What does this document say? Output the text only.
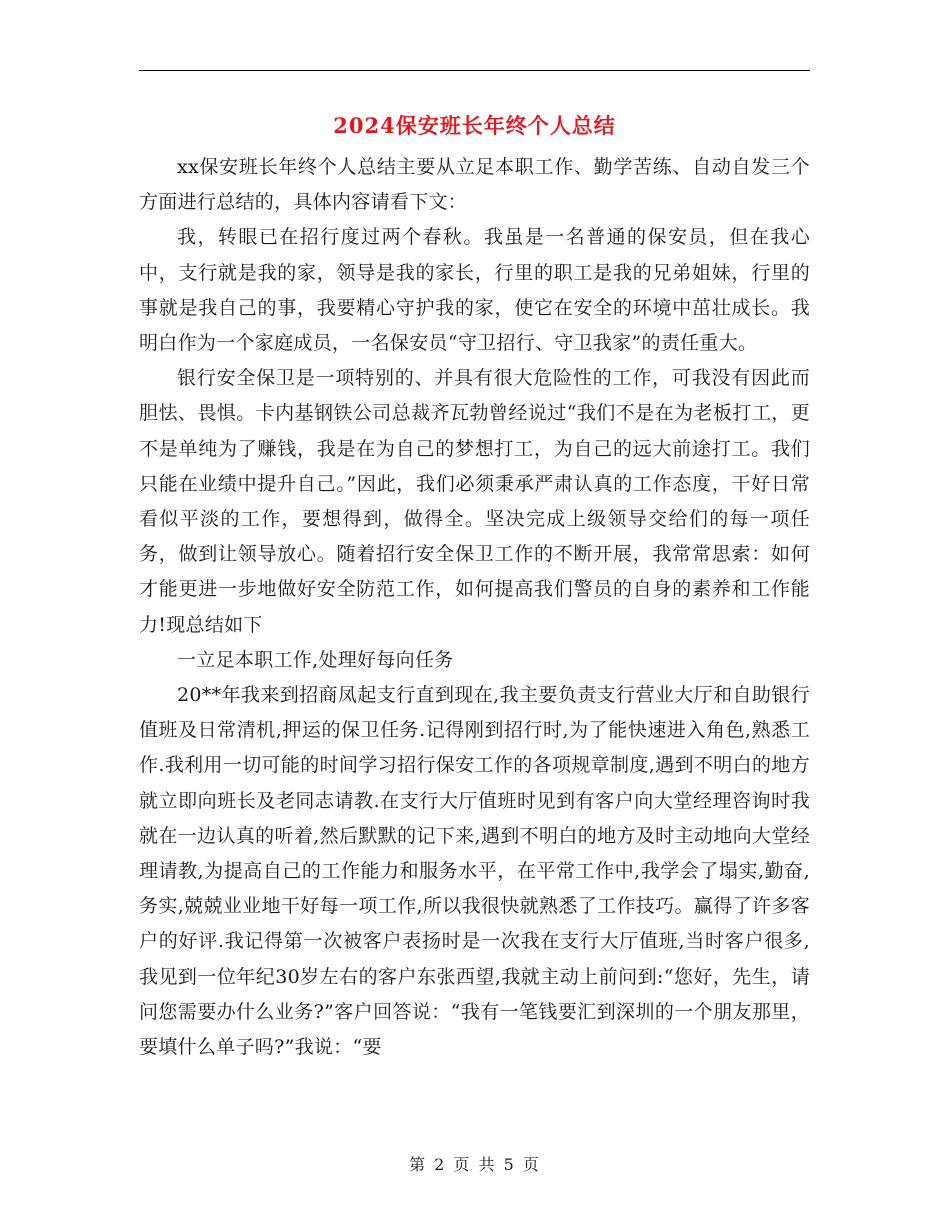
2024保安班长年终个人总结

xx保安班长年终个人总结主要从立足本职工作、勤学苦练、自动自发三个方面进行总结的，具体内容请看下文：

我，转眼已在招行度过两个春秋。我虽是一名普通的保安员，但在我心中，支行就是我的家，领导是我的家长，行里的职工是我的兄弟姐妹，行里的事就是我自己的事，我要精心守护我的家，使它在安全的环境中茁壮成长。我明白作为一个家庭成员，一名保安员“守卫招行、守卫我家”的责任重大。

银行安全保卫是一项特别的、并具有很大危险性的工作，可我没有因此而胆怯、畏惧。卡内基钢铁公司总裁齐瓦勃曾经说过“我们不是在为老板打工，更不是单纯为了赚钱，我是在为自己的梦想打工，为自己的远大前途打工。我们只能在业绩中提升自己。”因此，我们必须秉承严肃认真的工作态度，干好日常看似平淡的工作，要想得到，做得全。坚决完成上级领导交给们的每一项任务，做到让领导放心。随着招行安全保卫工作的不断开展，我常常思索：如何才能更进一步地做好安全防范工作，如何提高我们警员的自身的素养和工作能力!现总结如下

一立足本职工作,处理好每向任务

20**年我来到招商凤起支行直到现在,我主要负责支行营业大厅和自助银行值班及日常清机,押运的保卫任务.记得刚到招行时,为了能快速进入角色,熟悉工作.我利用一切可能的时间学习招行保安工作的各项规章制度,遇到不明白的地方就立即向班长及老同志请教.在支行大厅值班时见到有客户向大堂经理咨询时我就在一边认真的听着,然后默默的记下来,遇到不明白的地方及时主动地向大堂经理请教,为提高自己的工作能力和服务水平，在平常工作中,我学会了塌实,勤奋,务实,兢兢业业地干好每一项工作,所以我很快就熟悉了工作技巧。赢得了许多客户的好评.我记得第一次被客户表扬时是一次我在支行大厅值班,当时客户很多,我见到一位年纪30岁左右的客户东张西望,我就主动上前问到:“您好，先生，请问您需要办什么业务?”客户回答说：“我有一笔钱要汇到深圳的一个朋友那里，要填什么单子吗?”我说：“要

第 2 页 共 5 页
